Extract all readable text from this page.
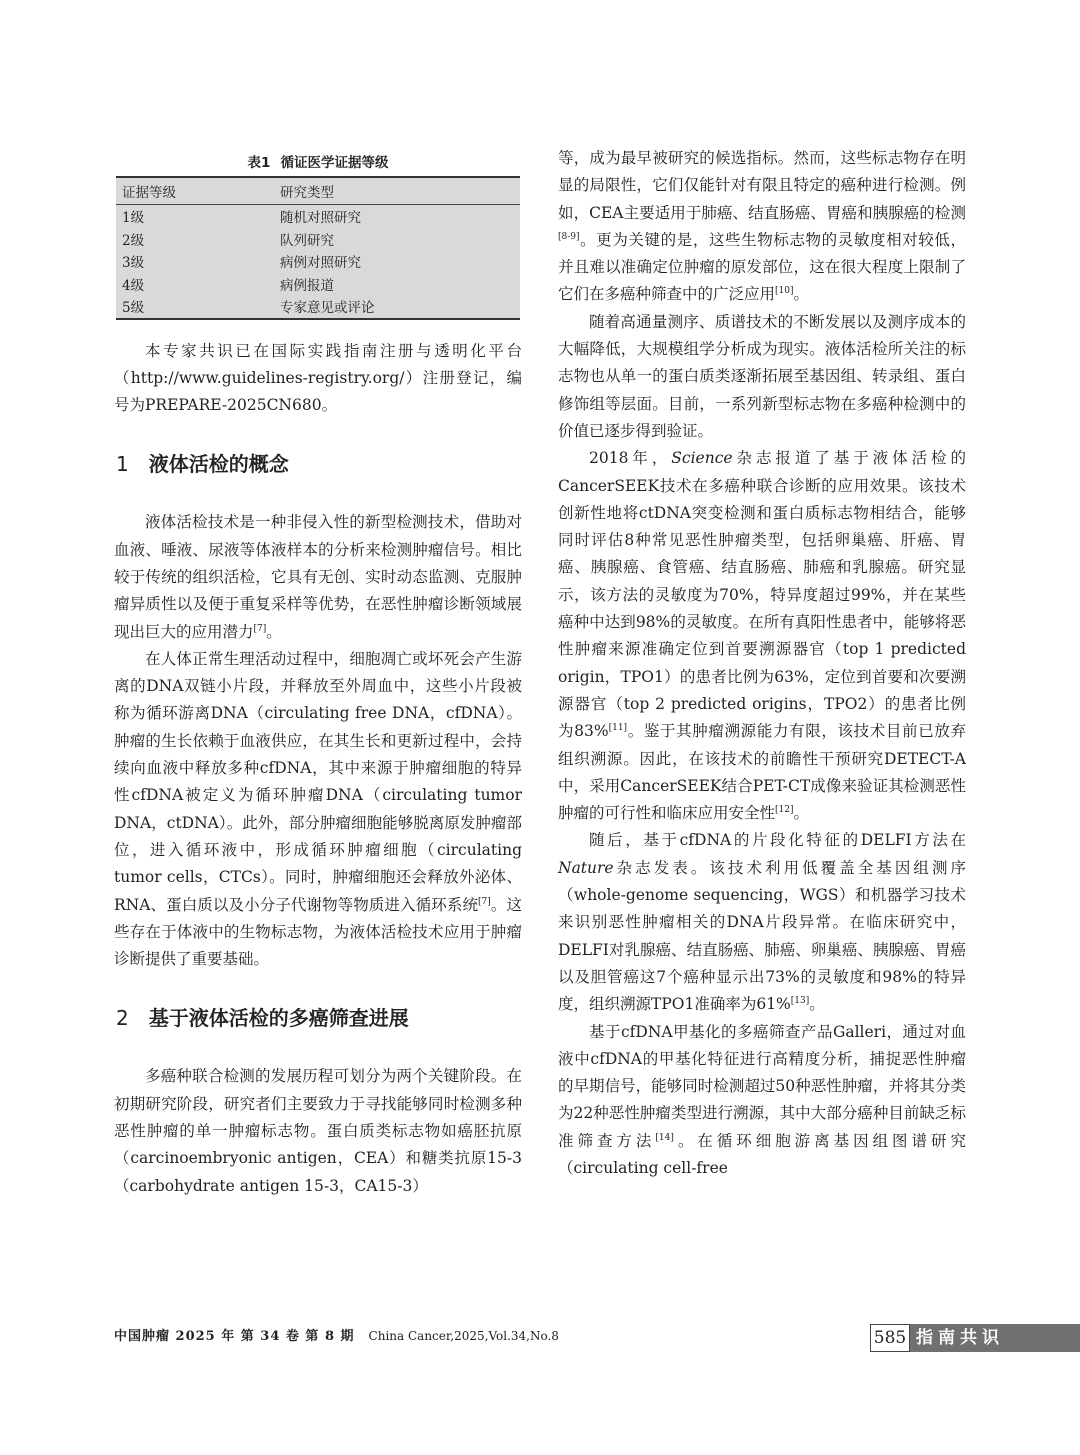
表1 循证医学证据等级
证据等级	研究类型
1级	随机对照研究
2级	队列研究
3级	病例对照研究
4级	病例报道
5级	专家意见或评论

本专家共识已在国际实践指南注册与透明化平台（http://www.guidelines-registry.org/）注册登记，编号为PREPARE-2025CN680。

1 液体活检的概念

液体活检技术是一种非侵入性的新型检测技术，借助对血液、唾液、尿液等体液样本的分析来检测肿瘤信号。相比较于传统的组织活检，它具有无创、实时动态监测、克服肿瘤异质性以及便于重复采样等优势，在恶性肿瘤诊断领域展现出巨大的应用潜力[7]。

在人体正常生理活动过程中，细胞凋亡或坏死会产生游离的DNA双链小片段，并释放至外周血中，这些小片段被称为循环游离DNA（circulating free DNA，cfDNA）。肿瘤的生长依赖于血液供应，在其生长和更新过程中，会持续向血液中释放多种cfDNA，其中来源于肿瘤细胞的特异性cfDNA被定义为循环肿瘤DNA（circulating tumor DNA，ctDNA）。此外，部分肿瘤细胞能够脱离原发肿瘤部位，进入循环液中，形成循环肿瘤细胞（circulating tumor cells，CTCs）。同时，肿瘤细胞还会释放外泌体、RNA、蛋白质以及小分子代谢物等物质进入循环系统[7]。这些存在于体液中的生物标志物，为液体活检技术应用于肿瘤诊断提供了重要基础。

2 基于液体活检的多癌筛查进展

多癌种联合检测的发展历程可划分为两个关键阶段。在初期研究阶段，研究者们主要致力于寻找能够同时检测多种恶性肿瘤的单一肿瘤标志物。蛋白质类标志物如癌胚抗原（carcinoembryonic antigen，CEA）和糖类抗原15-3（carbohydrate antigen 15-3，CA15-3）

等，成为最早被研究的候选指标。然而，这些标志物存在明显的局限性，它们仅能针对有限且特定的癌种进行检测。例如，CEA主要适用于肺癌、结直肠癌、胃癌和胰腺癌的检测[8-9]。更为关键的是，这些生物标志物的灵敏度相对较低，并且难以准确定位肿瘤的原发部位，这在很大程度上限制了它们在多癌种筛查中的广泛应用[10]。

随着高通量测序、质谱技术的不断发展以及测序成本的大幅降低，大规模组学分析成为现实。液体活检所关注的标志物也从单一的蛋白质类逐渐拓展至基因组、转录组、蛋白修饰组等层面。目前，一系列新型标志物在多癌种检测中的价值已逐步得到验证。

2018年，Science杂志报道了基于液体活检的CancerSEEK技术在多癌种联合诊断的应用效果。该技术创新性地将ctDNA突变检测和蛋白质标志物相结合，能够同时评估8种常见恶性肿瘤类型，包括卵巢癌、肝癌、胃癌、胰腺癌、食管癌、结直肠癌、肺癌和乳腺癌。研究显示，该方法的灵敏度为70%，特异度超过99%，并在某些癌种中达到98%的灵敏度。在所有真阳性患者中，能够将恶性肿瘤来源准确定位到首要溯源器官（top 1 predicted origin，TPO1）的患者比例为63%，定位到首要和次要溯源器官（top 2 predicted origins，TPO2）的患者比例为83%[11]。鉴于其肿瘤溯源能力有限，该技术目前已放弃组织溯源。因此，在该技术的前瞻性干预研究DETECT-A中，采用CancerSEEK结合PET-CT成像来验证其检测恶性肿瘤的可行性和临床应用安全性[12]。

随后，基于cfDNA的片段化特征的DELFI方法在Nature杂志发表。该技术利用低覆盖全基因组测序（whole-genome sequencing，WGS）和机器学习技术来识别恶性肿瘤相关的DNA片段异常。在临床研究中，DELFI对乳腺癌、结直肠癌、肺癌、卵巢癌、胰腺癌、胃癌以及胆管癌这7个癌种显示出73%的灵敏度和98%的特异度，组织溯源TPO1准确率为61%[13]。

基于cfDNA甲基化的多癌筛查产品Galleri，通过对血液中cfDNA的甲基化特征进行高精度分析，捕捉恶性肿瘤的早期信号，能够同时检测超过50种恶性肿瘤，并将其分类为22种恶性肿瘤类型进行溯源，其中大部分癌种目前缺乏标准筛查方法[14]。在循环细胞游离基因组图谱研究（circulating cell-free

中国肿瘤 2025 年 第 34 卷 第 8 期 China Cancer,2025,Vol.34,No.8	585 指南共识
